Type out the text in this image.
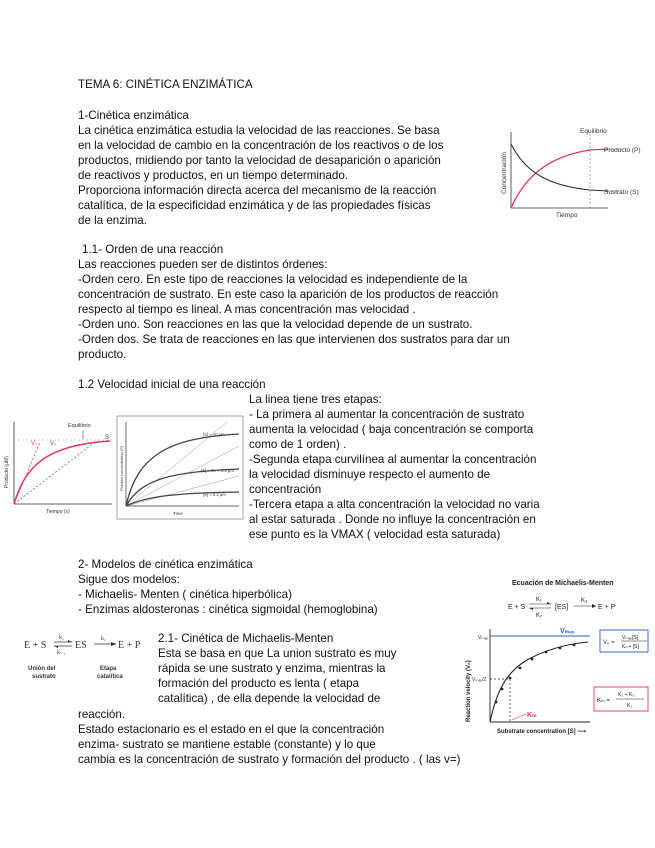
TEMA 6: CINÉTICA ENZIMÁTICA
1-Cinética enzimática
La cinética enzimática estudia la velocidad de las reacciones. Se basa
en la velocidad de cambio en la concentración de los reactivos o de los
productos, midiendo por tanto la velocidad de desaparición o aparición
de reactivos y productos, en un tiempo determinado.
Proporciona información directa acerca del mecanismo de la reacción
catalítica, de la especificidad enzimática y de las propiedades físicas
de la enzima.
Equilibrio
Producto (P)
Sustrato (S)
Concentración
Tiempo
1.1- Orden de una reacción
Las reacciones pueden ser de distintos órdenes:
-Orden cero. En este tipo de reacciones la velocidad es independiente de la
concentración de sustrato. En este caso la aparición de los productos de reacción
respecto al tiempo es lineal. A mas concentración mas velocidad .
-Orden uno. Son reacciones en las que la velocidad depende de un sustrato.
-Orden dos. Se trata de reacciones en las que intervienen dos sustratos para dar un
producto.
1.2 Velocidad inicial de una reacción
La linea tiene tres etapas:
- La primera al aumentar la concentración de sustrato
aumenta la velocidad ( baja concentración se comporta
como de 1 orden) .
-Segunda etapa curvilínea al aumentar la concentración
la velocidad disminuye respecto el aumento de
concentración
-Tercera etapa a alta concentración la velocidad no varia
al estar saturada . Donde no influye la concentración en
ese punto es la VMAX ( velocidad esta saturada)
Equilibrio
V₁ V₁
S
Producto (µM)
Tiempo (s)
[S] = 10 µm
[S] = Kₘ = 0.5 µm
[S] = 0.2 µm
Product concentration (P)
Time
2- Modelos de cinética enzimática
Sigue dos modelos:
- Michaelis- Menten ( cinética hiperbólica)
- Enzimas aldosteronas : cinética sigmoidal (hemoglobina)
E + S
k₁
k₋₁
ES
k₂
E + P
Unión del
sustrato
Etapa
catalítica
2.1- Cinética de Michaelis-Menten
Esta se basa en que La union sustrato es muy
rápida se une sustrato y enzima, mientras la
formación del producto es lenta ( etapa
catalítica) , de ella depende la velocidad de
reacción.
Estado estacionario es el estado en el que la concentración
enzima- sustrato se mantiene estable (constante) y lo que
cambia es la concentración de sustrato y formación del producto . ( las v=)
Ecuación de Michaelis-Menten
E + S
K₁
K₂
[ES]
K₃
E + P
Vₘₐₓ
Vₘₐₓ
Vₘₐₓ/2
Kₘ
Reaction velocity (V₀)
Substrate concentration [S] ⟶
V₀ =
Vₘₐₓ[S]
Kₘ+ [S]
Kₘ =
K₂ + K₃
K₁
